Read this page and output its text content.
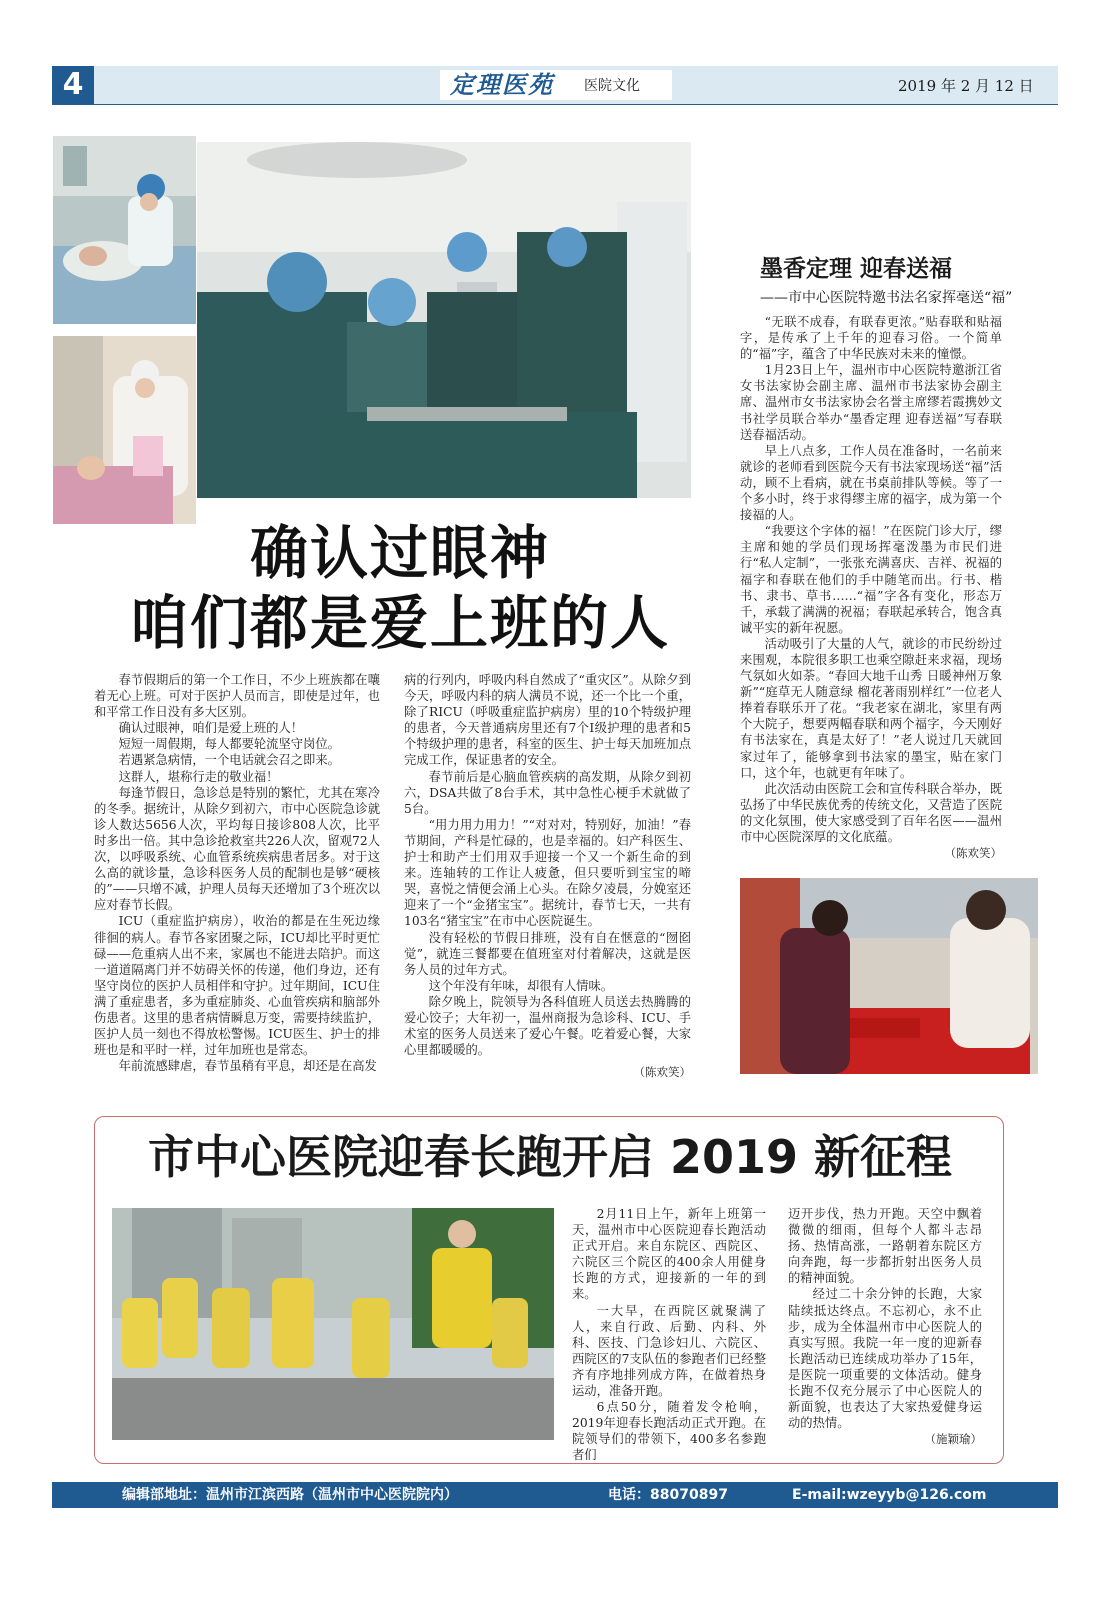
4	定理医苑 医院文化	2019 年 2 月 12 日
确认过眼神
咱们都是爱上班的人

春节假期后的第一个工作日，不少上班族都在嚷着无心上班。可对于医护人员而言，即使是过年，也和平常工作日没有多大区别。

确认过眼神，咱们是爱上班的人！

短短一周假期，每人都要轮流坚守岗位。

若遇紧急病情，一个电话就会召之即来。

这群人，堪称行走的敬业福！

每逢节假日，急诊总是特别的繁忙，尤其在寒冷的冬季。据统计，从除夕到初六，市中心医院急诊就诊人数达5656人次，平均每日接诊808人次，比平时多出一倍。其中急诊抢救室共226人次，留观72人次，以呼吸系统、心血管系统疾病患者居多。对于这么高的就诊量，急诊科医务人员的配制也是够“硬核的”——只增不减，护理人员每天还增加了3个班次以应对春节长假。

ICU（重症监护病房），收治的都是在生死边缘徘徊的病人。春节各家团聚之际，ICU却比平时更忙碌——危重病人出不来，家属也不能进去陪护。而这一道道隔离门并不妨碍关怀的传递，他们身边，还有坚守岗位的医护人员相伴和守护。过年期间，ICU住满了重症患者，多为重症肺炎、心血管疾病和脑部外伤患者。这里的患者病情瞬息万变，需要持续监护，医护人员一刻也不得放松警惕。ICU医生、护士的排班也是和平时一样，过年加班也是常态。

年前流感肆虐，春节虽稍有平息，却还是在高发

病的行列内，呼吸内科自然成了“重灾区”。从除夕到今天，呼吸内科的病人满员不说，还一个比一个重，除了RICU（呼吸重症监护病房）里的10个特级护理的患者，今天普通病房里还有7个I级护理的患者和5个特级护理的患者，科室的医生、护士每天加班加点完成工作，保证患者的安全。

春节前后是心脑血管疾病的高发期，从除夕到初六，DSA共做了8台手术，其中急性心梗手术就做了5台。

“用力用力用力！”“对对对，特别好，加油！”春节期间，产科是忙碌的，也是幸福的。妇产科医生、护士和助产士们用双手迎接一个又一个新生命的到来。连轴转的工作让人疲惫，但只要听到宝宝的啼哭，喜悦之情便会涌上心头。在除夕凌晨，分娩室还迎来了一个“金猪宝宝”。据统计，春节七天，一共有103名“猪宝宝”在市中心医院诞生。

没有轻松的节假日排班，没有自在惬意的“囫囵觉”，就连三餐都要在值班室对付着解决，这就是医务人员的过年方式。

这个年没有年味，却很有人情味。

除夕晚上，院领导为各科值班人员送去热腾腾的爱心饺子；大年初一，温州商报为急诊科、ICU、手术室的医务人员送来了爱心午餐。吃着爱心餐，大家心里都暖暖的。

（陈欢笑）
墨香定理 迎春送福
——市中心医院特邀书法名家挥毫送“福”

“无联不成春，有联春更浓。”贴春联和贴福字，是传承了上千年的迎春习俗。一个简单的“福”字，蕴含了中华民族对未来的憧憬。

1月23日上午，温州市中心医院特邀浙江省女书法家协会副主席、温州市书法家协会副主席、温州市女书法家协会名誉主席缪若霞携妙文书社学员联合举办“墨香定理 迎春送福”写春联送春福活动。

早上八点多，工作人员在准备时，一名前来就诊的老师看到医院今天有书法家现场送“福”活动，顾不上看病，就在书桌前排队等候。等了一个多小时，终于求得缪主席的福字，成为第一个接福的人。

“我要这个字体的福！”在医院门诊大厅，缪主席和她的学员们现场挥毫泼墨为市民们进行“私人定制”，一张张充满喜庆、吉祥、祝福的福字和春联在他们的手中随笔而出。行书、楷书、隶书、草书……“福”字各有变化，形态万千，承载了满满的祝福；春联起承转合，饱含真诚平实的新年祝愿。

活动吸引了大量的人气，就诊的市民纷纷过来围观，本院很多职工也乘空隙赶来求福，现场气氛如火如荼。“春回大地千山秀 日暖神州万象新”“庭草无人随意绿 榴花著雨别样红”一位老人捧着春联乐开了花。“我老家在湖北，家里有两个大院子，想要两幅春联和两个福字，今天刚好有书法家在，真是太好了！”老人说过几天就回家过年了，能够拿到书法家的墨宝，贴在家门口，这个年，也就更有年味了。

此次活动由医院工会和宣传科联合举办，既弘扬了中华民族优秀的传统文化，又营造了医院的文化氛围，使大家感受到了百年名医——温州市中心医院深厚的文化底蕴。

（陈欢笑）
市中心医院迎春长跑开启 2019 新征程

2月11日上午，新年上班第一天，温州市中心医院迎春长跑活动正式开启。来自东院区、西院区、六院区三个院区的400余人用健身长跑的方式，迎接新的一年的到来。

一大早，在西院区就聚满了人，来自行政、后勤、内科、外科、医技、门急诊妇儿、六院区、西院区的7支队伍的参跑者们已经整齐有序地排列成方阵，在做着热身运动，准备开跑。

6点50分，随着发令枪响，2019年迎春长跑活动正式开跑。在院领导们的带领下，400多名参跑者们

迈开步伐，热力开跑。天空中飘着微微的细雨，但每个人都斗志昂扬、热情高涨，一路朝着东院区方向奔跑，每一步都折射出医务人员的精神面貌。

经过二十余分钟的长跑，大家陆续抵达终点。不忘初心，永不止步，成为全体温州市中心医院人的真实写照。我院一年一度的迎新春长跑活动已连续成功举办了15年，是医院一项重要的文体活动。健身长跑不仅充分展示了中心医院人的新面貌，也表达了大家热爱健身运动的热情。

（施颖瑜）
编辑部地址：温州市江滨西路（温州市中心医院院内）	电话：88070897	E-mail:wzeyyb@126.com
